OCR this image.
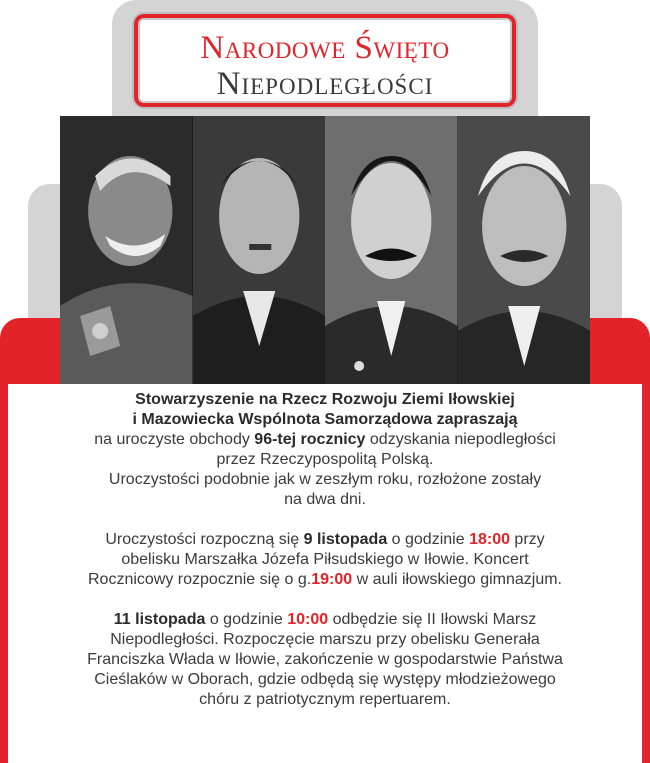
Narodowe Święto
Niepodległości

Stowarzyszenie na Rzecz Rozwoju Ziemi Iłowskiej

i Mazowiecka Wspólnota Samorządowa zapraszają

na uroczyste obchody 96-tej rocznicy odzyskania niepodległości

przez Rzeczypospolitą Polską.

Uroczystości podobnie jak w zeszłym roku, rozłożone zostały

na dwa dni.

Uroczystości rozpoczną się 9 listopada o godzinie 18:00 przy

obelisku Marszałka Józefa Piłsudskiego w Iłowie. Koncert

Rocznicowy rozpocznie się o g.19:00 w auli iłowskiego gimnazjum.

11 listopada o godzinie 10:00 odbędzie się II Iłowski Marsz

Niepodległości. Rozpoczęcie marszu przy obelisku Generała

Franciszka Włada w Iłowie, zakończenie w gospodarstwie Państwa

Cieślaków w Oborach, gdzie odbędą się występy młodzieżowego

chóru z patriotycznym repertuarem.
